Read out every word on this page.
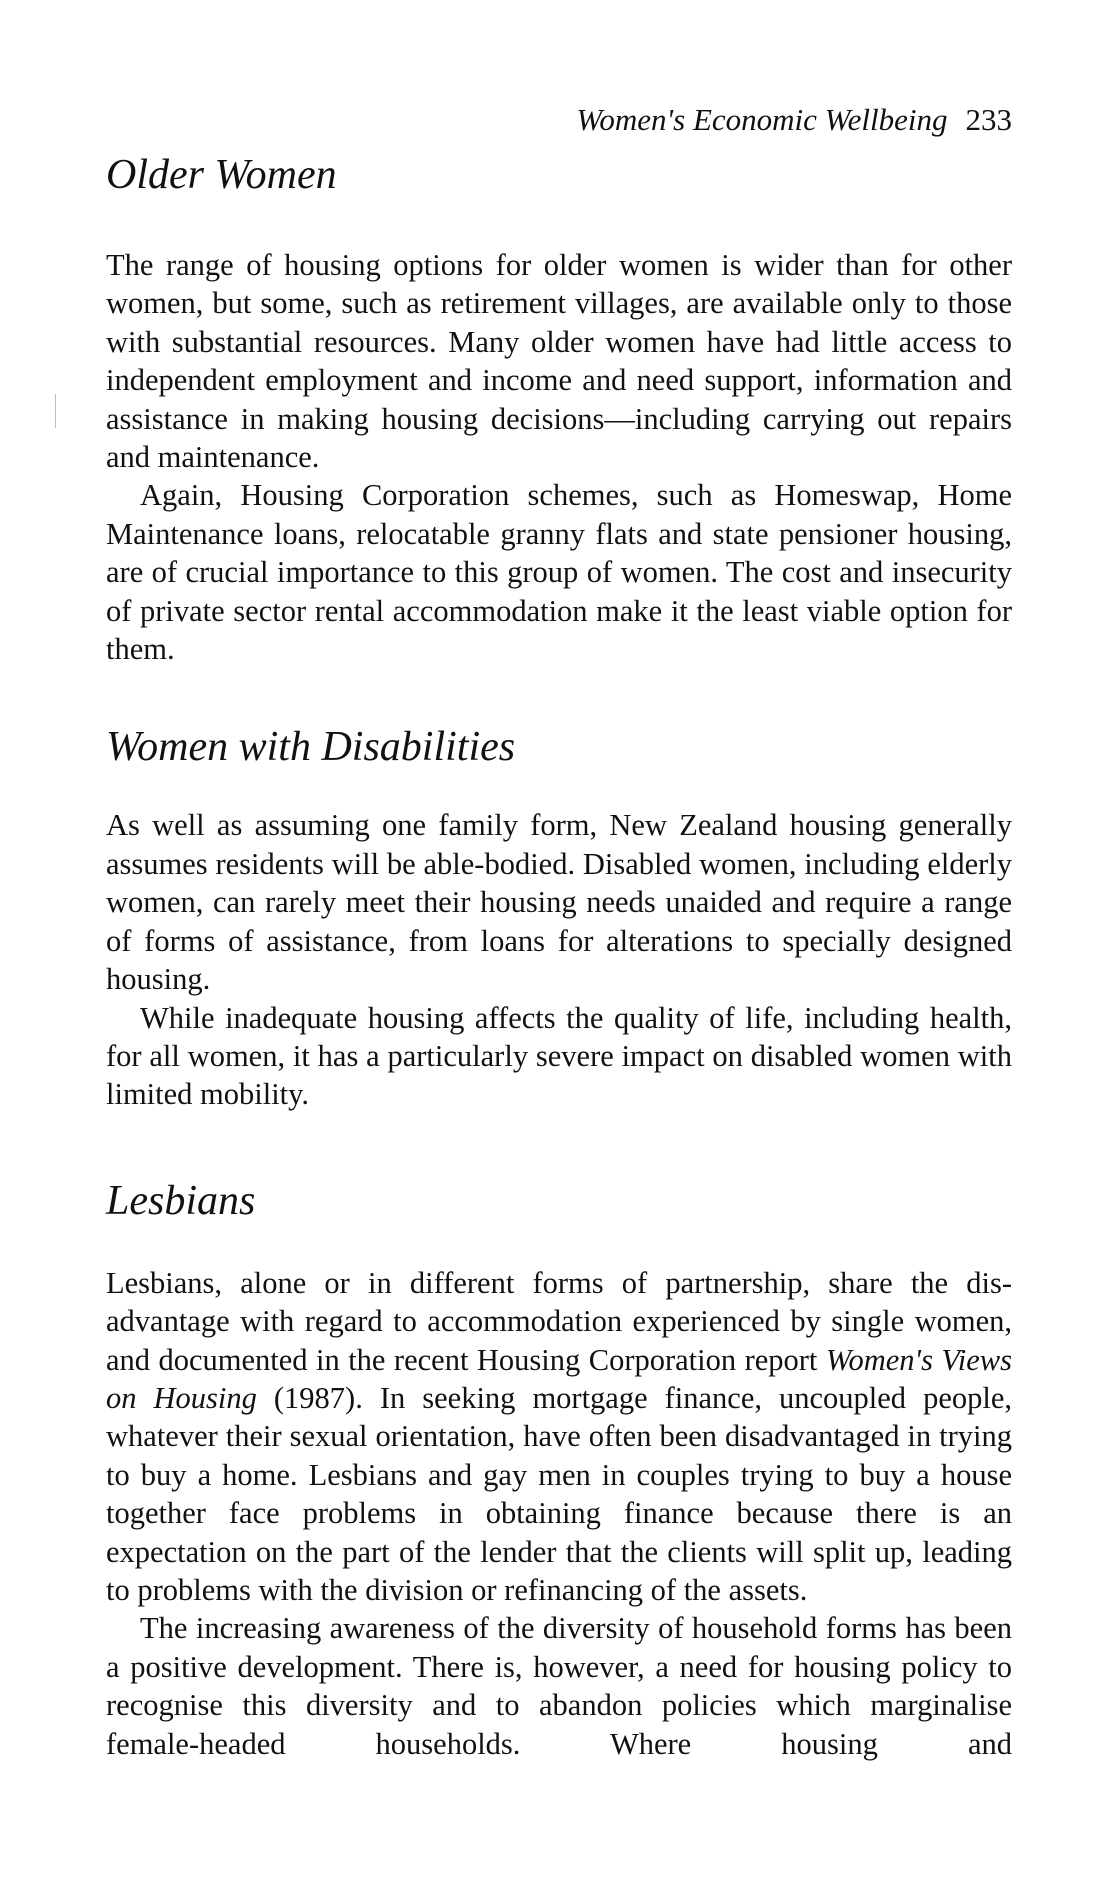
Women's Economic Wellbeing 233
Older Women

The range of housing options for older women is wider than for other women, but some, such as retirement villages, are available only to those with substantial resources. Many older women have had little access to independent employment and income and need support, information and assistance in making housing decisions—including carrying out repairs and maintenance.

Again, Housing Corporation schemes, such as Homeswap, Home Maintenance loans, relocatable granny flats and state pensioner housing, are of crucial importance to this group of women. The cost and insecurity of private sector rental accommodation make it the least viable option for them.

Women with Disabilities

As well as assuming one family form, New Zealand housing generally assumes residents will be able-bodied. Disabled women, including elderly women, can rarely meet their housing needs unaided and require a range of forms of assistance, from loans for alterations to specially designed housing.

While inadequate housing affects the quality of life, including health, for all women, it has a particularly severe impact on disabled women with limited mobility.

Lesbians

Lesbians, alone or in different forms of partnership, share the disadvantage with regard to accommodation experienced by single women, and documented in the recent Housing Corporation report Women's Views on Housing (1987). In seeking mortgage finance, uncoupled people, whatever their sexual orientation, have often been disadvantaged in trying to buy a home. Lesbians and gay men in couples trying to buy a house together face problems in obtaining finance because there is an expectation on the part of the lender that the clients will split up, leading to problems with the division or refinancing of the assets.

The increasing awareness of the diversity of household forms has been a positive development. There is, however, a need for housing policy to recognise this diversity and to abandon policies which marginalise female-headed households. Where housing and
